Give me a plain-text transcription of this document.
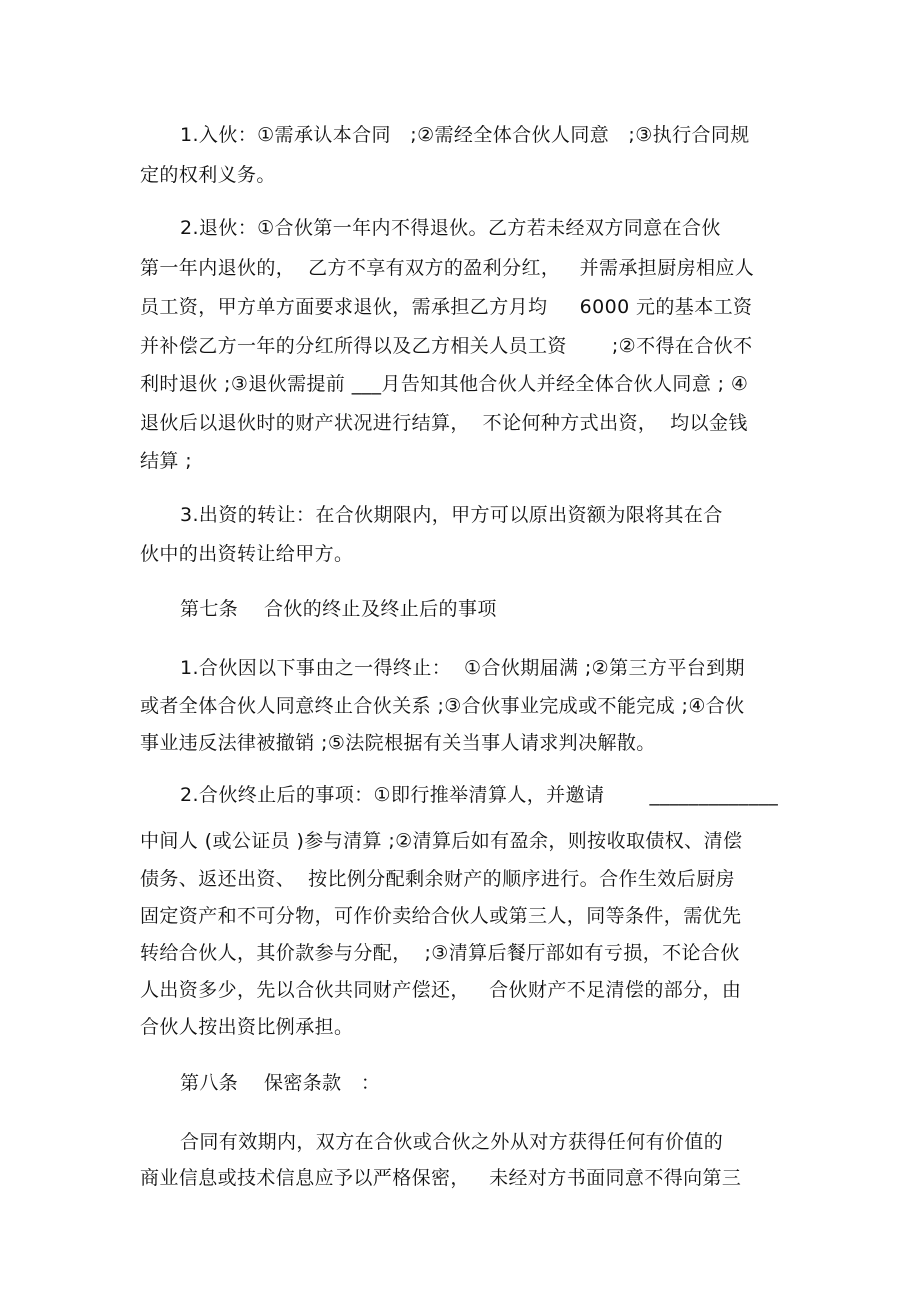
1.入伙：①需承认本合同   ;②需经全体合伙人同意   ;③执行合同规
定的权利义务。
2.退伙：①合伙第一年内不得退伙。乙方若未经双方同意在合伙
第一年内退伙的，  乙方不享有双方的盈利分红，   并需承担厨房相应人
员工资，甲方单方面要求退伙，需承担乙方月均     6000 元的基本工资
并补偿乙方一年的分红所得以及乙方相关人员工资       ;②不得在合伙不
利时退伙 ;③退伙需提前 ___月告知其他合伙人并经全体合伙人同意 ; ④
退伙后以退伙时的财产状况进行结算，  不论何种方式出资，  均以金钱
结算 ;
3.出资的转让：在合伙期限内，甲方可以原出资额为限将其在合
伙中的出资转让给甲方。
第七条    合伙的终止及终止后的事项
1.合伙因以下事由之一得终止：  ①合伙期届满 ;②第三方平台到期
或者全体合伙人同意终止合伙关系 ;③合伙事业完成或不能完成 ;④合伙
事业违反法律被撤销 ;⑤法院根据有关当事人请求判决解散。
2.合伙终止后的事项：①即行推举清算人，并邀请       _____________
中间人 (或公证员 )参与清算 ;②清算后如有盈余，则按收取债权、清偿
债务、返还出资、  按比例分配剩余财产的顺序进行。合作生效后厨房
固定资产和不可分物，可作价卖给合伙人或第三人，同等条件，需优先
转给合伙人，其价款参与分配，  ;③清算后餐厅部如有亏损，不论合伙
人出资多少，先以合伙共同财产偿还，   合伙财产不足清偿的部分，由
合伙人按出资比例承担。
第八条    保密条款   ：
合同有效期内，双方在合伙或合伙之外从对方获得任何有价值的
商业信息或技术信息应予以严格保密，   未经对方书面同意不得向第三
